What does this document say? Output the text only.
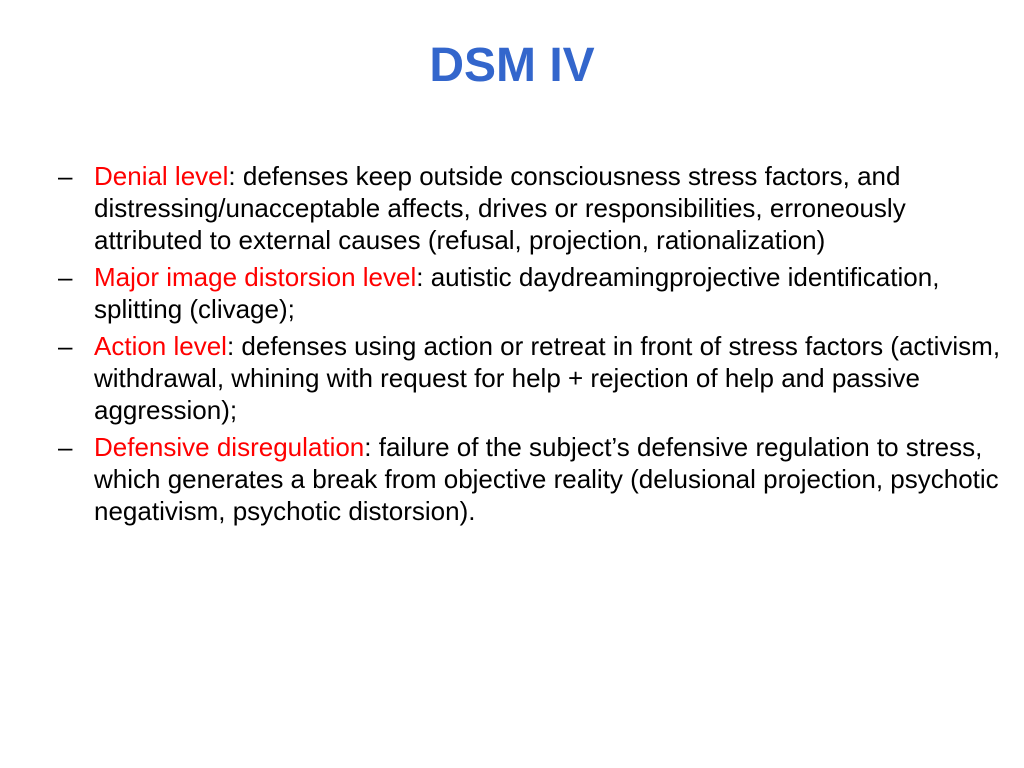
DSM IV
– Denial level: defenses keep outside consciousness stress factors, and distressing/unacceptable affects, drives or responsibilities, erroneously attributed to external causes (refusal, projection, rationalization)
– Major image distorsion level: autistic daydreamingprojective identification, splitting (clivage);
– Action level: defenses using action or retreat in front of stress factors (activism, withdrawal, whining with request for help + rejection of help and passive aggression);
– Defensive disregulation: failure of the subject’s defensive regulation to stress, which generates a break from objective reality (delusional projection, psychotic negativism, psychotic distorsion).
